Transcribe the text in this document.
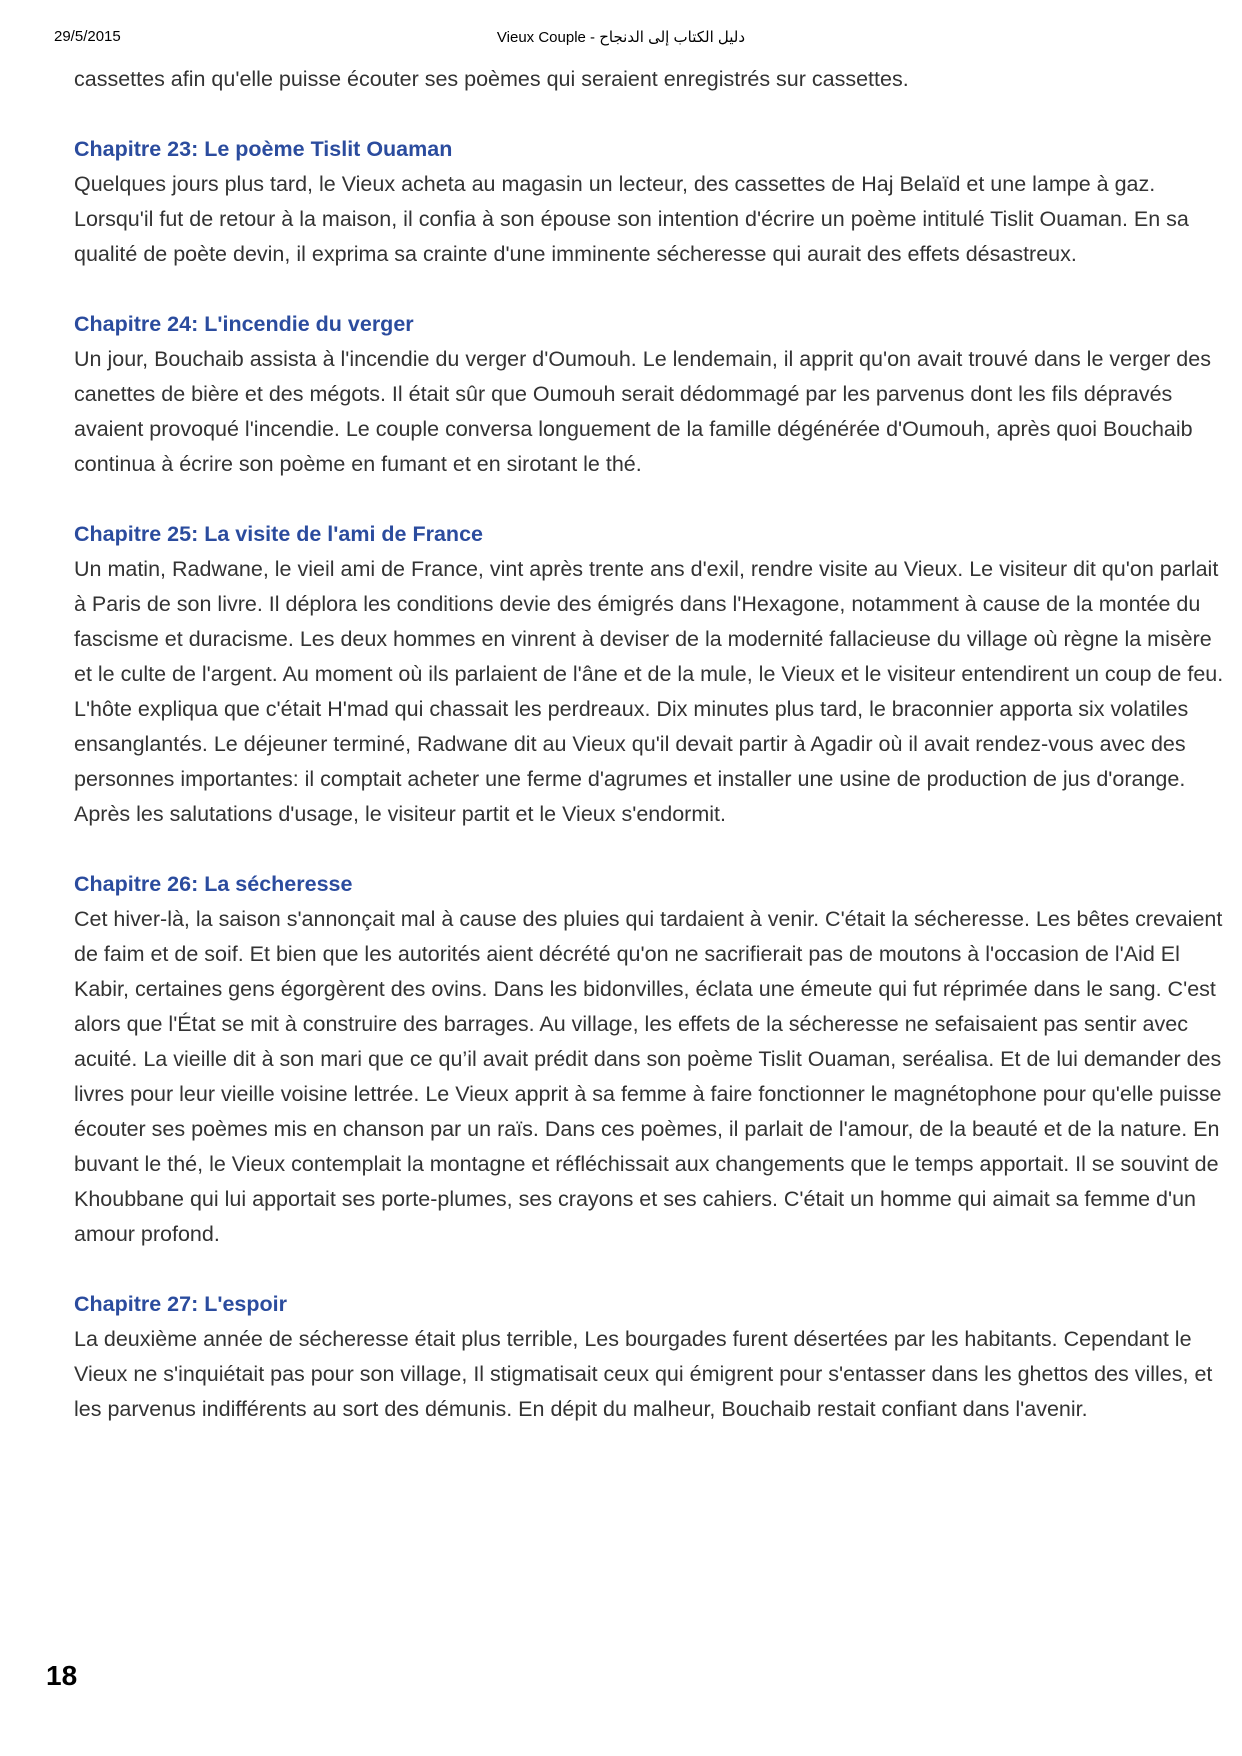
29/5/2015	Vieux Couple - دليل الكتاب إلى الدنجاح

cassettes afin qu'elle puisse écouter ses poèmes qui seraient enregistrés sur cassettes.

Chapitre 23: Le poème Tislit Ouaman

Quelques jours plus tard, le Vieux acheta au magasin un lecteur, des cassettes de Haj Belaïd et une lampe à gaz. Lorsqu'il fut de retour à la maison, il confia à son épouse son intention d'écrire un poème intitulé Tislit Ouaman. En sa qualité de poète devin, il exprima sa crainte d'une imminente sécheresse qui aurait des effets désastreux.

Chapitre 24: L'incendie du verger

Un jour, Bouchaib assista à l'incendie du verger d'Oumouh. Le lendemain, il apprit qu'on avait trouvé dans le verger des canettes de bière et des mégots. Il était sûr que Oumouh serait dédommagé par les parvenus dont les fils dépravés avaient provoqué l'incendie. Le couple conversa longuement de la famille dégénérée d'Oumouh, après quoi Bouchaib continua à écrire son poème en fumant et en sirotant le thé.

Chapitre 25: La visite de l'ami de France

Un matin, Radwane, le vieil ami de France, vint après trente ans d'exil, rendre visite au Vieux. Le visiteur dit qu'on parlait à Paris de son livre. Il déplora les conditions devie des émigrés dans l'Hexagone, notamment à cause de la montée du fascisme et duracisme. Les deux hommes en vinrent à deviser de la modernité fallacieuse du village où règne la misère et le culte de l'argent. Au moment où ils parlaient de l'âne et de la mule, le Vieux et le visiteur entendirent un coup de feu. L'hôte expliqua que c'était H'mad qui chassait les perdreaux. Dix minutes plus tard, le braconnier apporta six volatiles ensanglantés. Le déjeuner terminé, Radwane dit au Vieux qu'il devait partir à Agadir où il avait rendez-vous avec des personnes importantes: il comptait acheter une ferme d'agrumes et installer une usine de production de jus d'orange. Après les salutations d'usage, le visiteur partit et le Vieux s'endormit.

Chapitre 26: La sécheresse

Cet hiver-là, la saison s'annonçait mal à cause des pluies qui tardaient à venir. C'était la sécheresse. Les bêtes crevaient de faim et de soif. Et bien que les autorités aient décrété qu'on ne sacrifierait pas de moutons à l'occasion de l'Aid El Kabir, certaines gens égorgèrent des ovins. Dans les bidonvilles, éclata une émeute qui fut réprimée dans le sang. C'est alors que l'État se mit à construire des barrages. Au village, les effets de la sécheresse ne sefaisaient pas sentir avec acuité. La vieille dit à son mari que ce qu’il avait prédit dans son poème Tislit Ouaman, seréalisa. Et de lui demander des livres pour leur vieille voisine lettrée. Le Vieux apprit à sa femme à faire fonctionner le magnétophone pour qu'elle puisse écouter ses poèmes mis en chanson par un raïs. Dans ces poèmes, il parlait de l'amour, de la beauté et de la nature. En buvant le thé, le Vieux contemplait la montagne et réfléchissait aux changements que le temps apportait. Il se souvint de Khoubbane qui lui apportait ses porte-plumes, ses crayons et ses cahiers. C'était un homme qui aimait sa femme d'un amour profond.

Chapitre 27: L'espoir

La deuxième année de sécheresse était plus terrible, Les bourgades furent désertées par les habitants. Cependant le Vieux ne s'inquiétait pas pour son village, Il stigmatisait ceux qui émigrent pour s'entasser dans les ghettos des villes, et les parvenus indifférents au sort des démunis. En dépit du malheur, Bouchaib restait confiant dans l'avenir.

18
